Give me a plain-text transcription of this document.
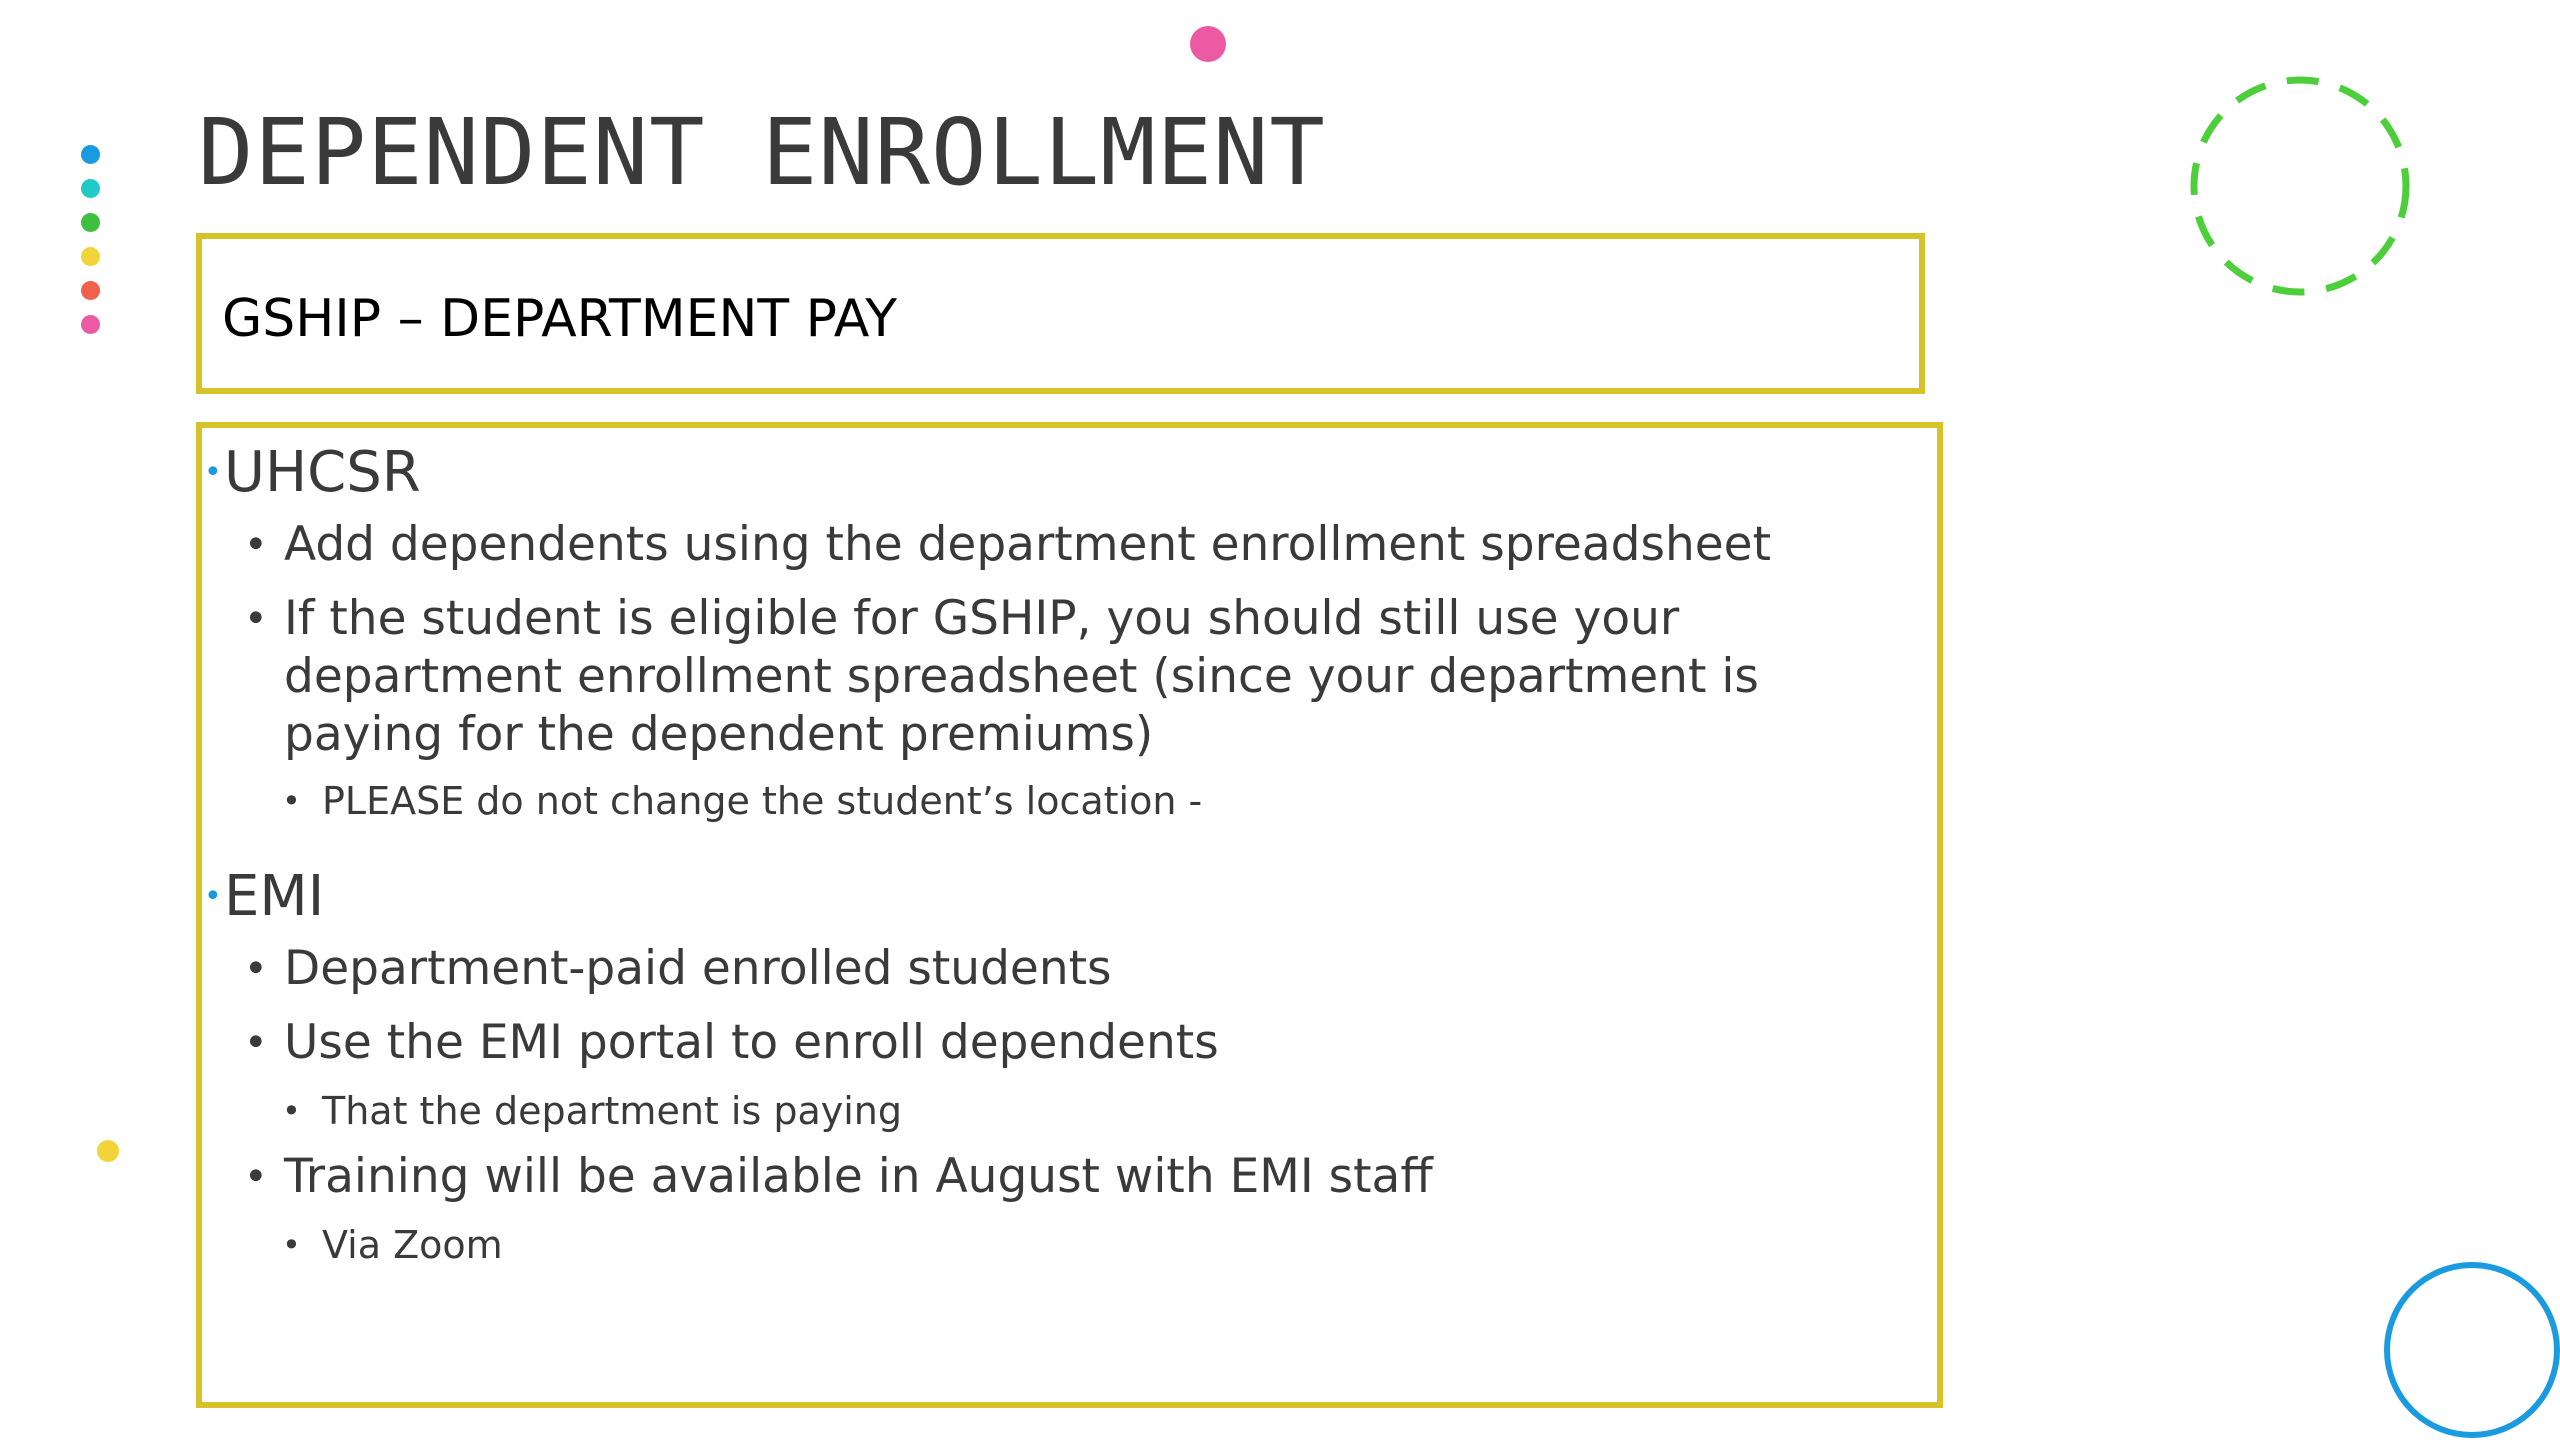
DEPENDENT ENROLLMENT
GSHIP – DEPARTMENT PAY
• UHCSR
• Add dependents using the department enrollment spreadsheet
• If the student is eligible for GSHIP, you should still use your
department enrollment spreadsheet (since your department is
paying for the dependent premiums)
• PLEASE do not change the student’s location -
• EMI
• Department-paid enrolled students
• Use the EMI portal to enroll dependents
• That the department is paying
• Training will be available in August with EMI staff
• Via Zoom
